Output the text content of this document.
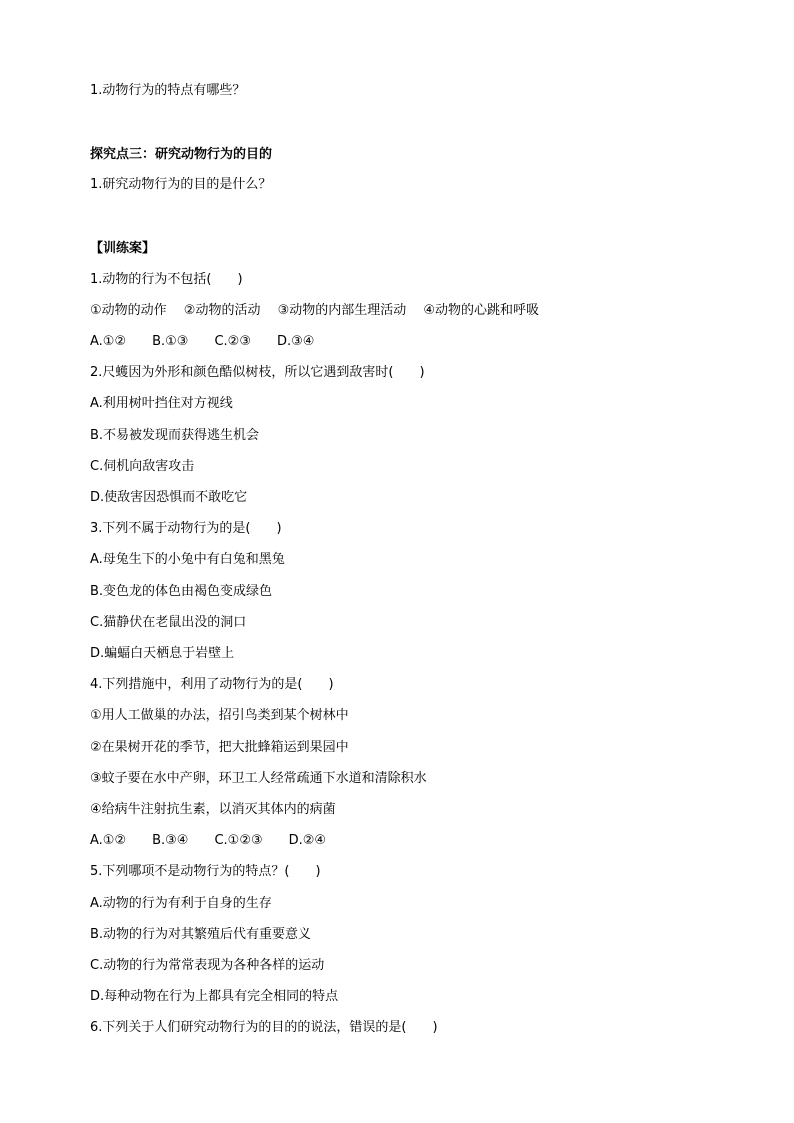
1.动物行为的特点有哪些？

探究点三：研究动物行为的目的

1.研究动物行为的目的是什么？

【训练案】

1.动物的行为不包括(　　)

①动物的动作　 ②动物的活动　 ③动物的内部生理活动　 ④动物的心跳和呼吸

A.①②　　B.①③　　C.②③　　D.③④

2.尺蠖因为外形和颜色酷似树枝，所以它遇到敌害时(　　)

A.利用树叶挡住对方视线

B.不易被发现而获得逃生机会

C.伺机向敌害攻击

D.使敌害因恐惧而不敢吃它

3.下列不属于动物行为的是(　　)

A.母兔生下的小兔中有白兔和黑兔

B.变色龙的体色由褐色变成绿色

C.猫静伏在老鼠出没的洞口

D.蝙蝠白天栖息于岩壁上

4.下列措施中，利用了动物行为的是(　　)

①用人工做巢的办法，招引鸟类到某个树林中

②在果树开花的季节，把大批蜂箱运到果园中

③蚊子要在水中产卵，环卫工人经常疏通下水道和清除积水

④给病牛注射抗生素，以消灭其体内的病菌

A.①②　　B.③④　　C.①②③　　D.②④

5.下列哪项不是动物行为的特点？(　　)

A.动物的行为有利于自身的生存

B.动物的行为对其繁殖后代有重要意义

C.动物的行为常常表现为各种各样的运动

D.每种动物在行为上都具有完全相同的特点

6.下列关于人们研究动物行为的目的的说法，错误的是(　　)
